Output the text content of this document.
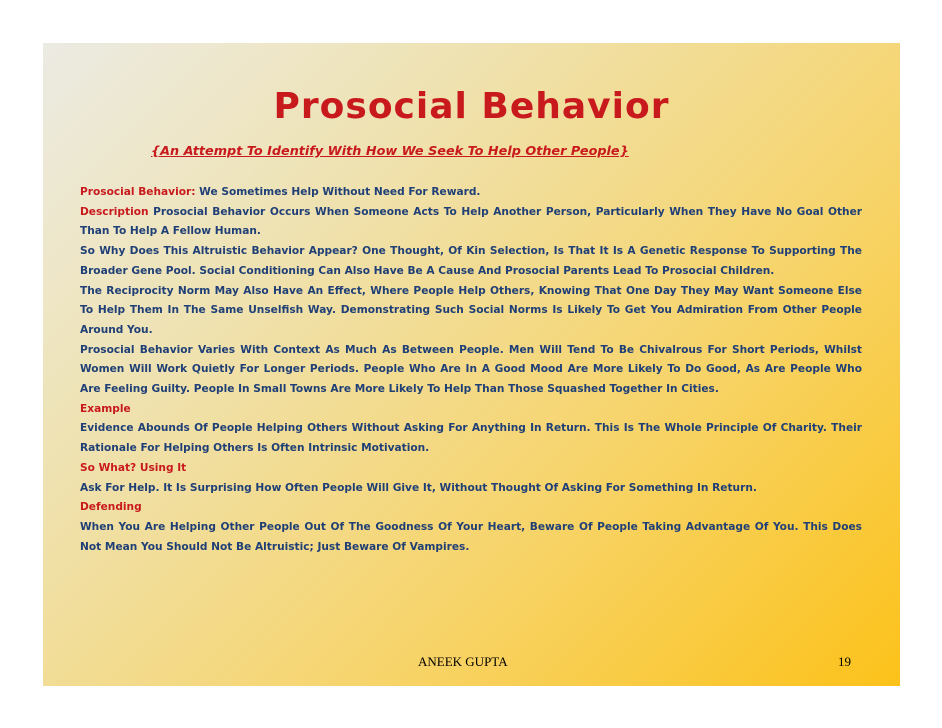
Prosocial Behavior
{An Attempt To Identify With How We Seek To Help Other People}

Prosocial Behavior: We Sometimes Help Without Need For Reward.

Description Prosocial Behavior Occurs When Someone Acts To Help Another Person, Particularly When They Have No Goal Other Than To Help A Fellow Human.

So Why Does This Altruistic Behavior Appear? One Thought, Of Kin Selection, Is That It Is A Genetic Response To Supporting The Broader Gene Pool. Social Conditioning Can Also Have Be A Cause And Prosocial Parents Lead To Prosocial Children.

The Reciprocity Norm May Also Have An Effect, Where People Help Others, Knowing That One Day They May Want Someone Else To Help Them In The Same Unselfish Way. Demonstrating Such Social Norms Is Likely To Get You Admiration From Other People Around You.

Prosocial Behavior Varies With Context As Much As Between People. Men Will Tend To Be Chivalrous For Short Periods, Whilst Women Will Work Quietly For Longer Periods. People Who Are In A Good Mood Are More Likely To Do Good, As Are People Who Are Feeling Guilty. People In Small Towns Are More Likely To Help Than Those Squashed Together In Cities.

Example

Evidence Abounds Of People Helping Others Without Asking For Anything In Return. This Is The Whole Principle Of Charity. Their Rationale For Helping Others Is Often Intrinsic Motivation.

So What? Using It

Ask For Help. It Is Surprising How Often People Will Give It, Without Thought Of Asking For Something In Return.

Defending

When You Are Helping Other People Out Of The Goodness Of Your Heart, Beware Of People Taking Advantage Of You. This Does Not Mean You Should Not Be Altruistic; Just Beware Of Vampires.

ANEEK GUPTA	19
